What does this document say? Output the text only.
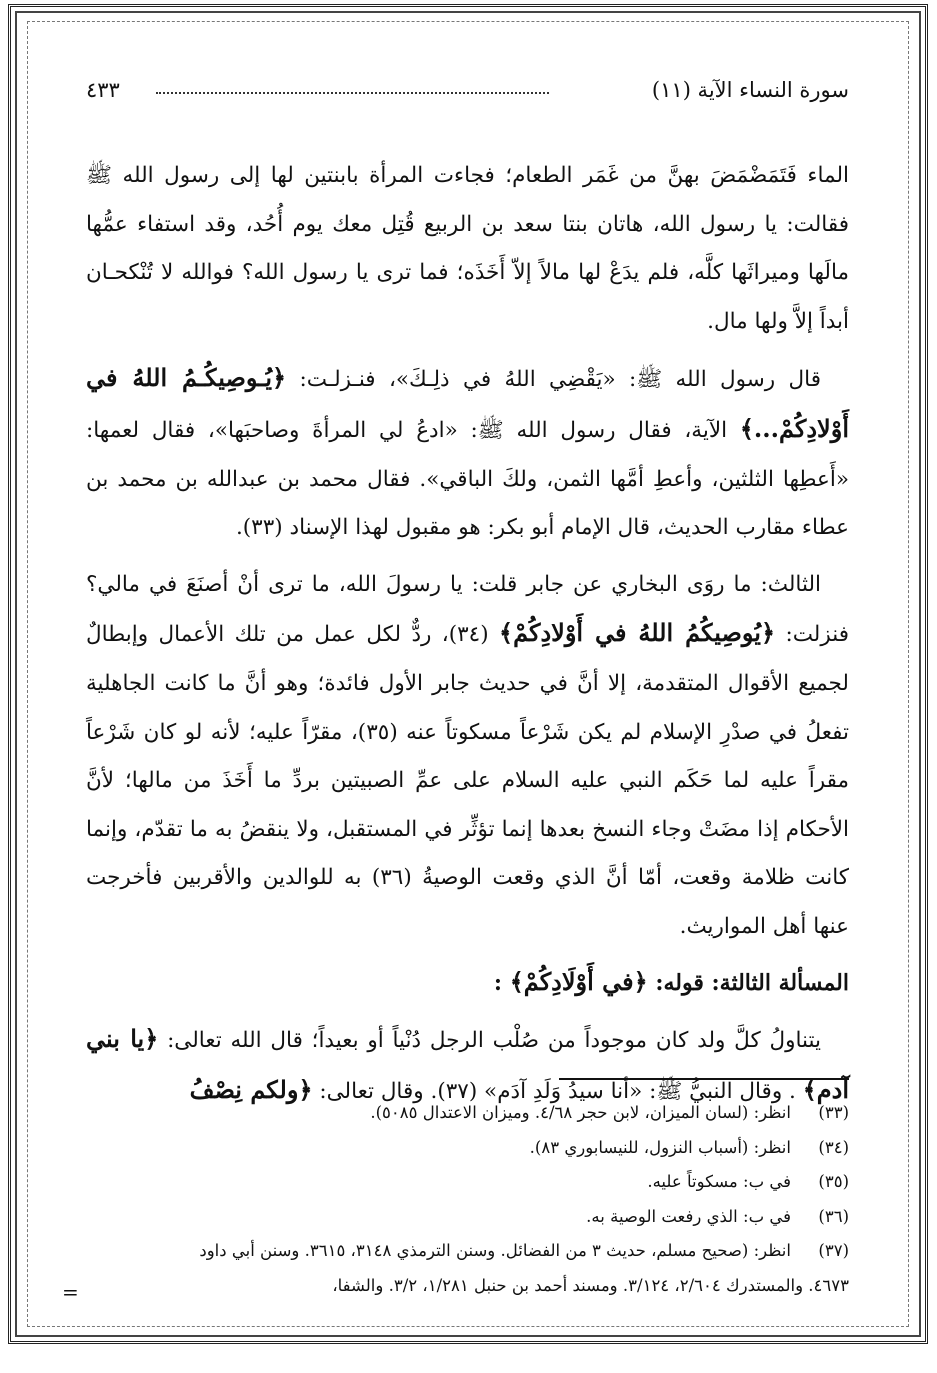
سورة النساء الآية (١١)
٤٣٣

الماء فَتَمَضْمَضَ بهنَّ من غَمَر الطعام؛ فجاءت المرأة بابنتين لها إلى رسول الله ﷺ فقالت: يا رسول الله، هاتان بنتا سعد بن الربيع قُتِل معك يوم أُحُد، وقد استفاء عمُّها مالَها وميراثَها كلَّه، فلم يدَعْ لها مالاً إلاّ أَخَذَه؛ فما ترى يا رسول الله؟ فوالله لا تُنْكحـان أبداً إلاَّ ولها مال.

قال رسول الله ﷺ: «يَقْضِي اللهُ في ذلِـكَ»، فنـزلـت: ﴿يُـوصِيكُـمُ اللهُ في أَوْلادِكُمْ...﴾ الآية، فقال رسول الله ﷺ: «ادعُ لي المرأةَ وصاحبَها»، فقال لعمها: «أَعطِها الثلثين، وأعطِ أمَّها الثمن، ولكَ الباقي». فقال محمد بن عبدالله بن محمد بن عطاء مقارب الحديث، قال الإمام أبو بكر: هو مقبول لهذا الإسناد (٣٣).

الثالث: ما روَى البخاري عن جابر قلت: يا رسولَ الله، ما ترى أنْ أصنَعَ في مالي؟ فنزلت: ﴿يُوصِيكُمُ اللهُ في أَوْلادِكُمْ﴾ (٣٤)، ردٌّ لكل عمل من تلك الأعمال وإبطالٌ لجميع الأقوال المتقدمة، إلا أنَّ في حديث جابر الأول فائدة؛ وهو أنَّ ما كانت الجاهلية تفعلُ في صدْرِ الإسلام لم يكن شَرْعاً مسكوتاً عنه (٣٥)، مقرّاً عليه؛ لأنه لو كان شَرْعاً مقراً عليه لما حَكَم النبي عليه السلام على عمِّ الصبيتين بردِّ ما أَخَذَ من مالها؛ لأنَّ الأحكام إذا مضَتْ وجاء النسخ بعدها إنما تؤثِّر في المستقبل، ولا ينقضُ به ما تقدّم، وإنما كانت ظلامة وقعت، أمّا أنَّ الذي وقعت الوصيةُ (٣٦) به للوالدين والأقربين فأخرجت عنها أهل المواريث.

المسألة الثالثة: قوله: ﴿في أَوْلَادِكُمْ﴾ :

يتناولُ كلَّ ولد كان موجوداً من صُلْب الرجل دُنْياً أو بعيداً؛ قال الله تعالى: ﴿يا بني آدم﴾ . وقال النبيُّ ﷺ: «أنا سيدُ وَلَدِ آدَم» (٣٧). وقال تعالى: ﴿ولكم نِصْفُ

(٣٣)
انظر: (لسان الميزان، لابن حجر ٤/٦٨. وميزان الاعتدال ٥٠٨٥).
(٣٤)
انظر: (أسباب النزول، للنيسابوري ٨٣).
(٣٥)
في ب: مسكوتاً عليه.
(٣٦)
في ب: الذي رفعت الوصية به.
(٣٧)
انظر: (صحيح مسلم، حديث ٣ من الفضائل. وسنن الترمذي ٣١٤٨، ٣٦١٥. وسنن أبي داود
٤٦٧٣. والمستدرك ٢/٦٠٤، ٣/١٢٤. ومسند أحمد بن حنبل ١/٢٨١، ٣/٢. والشفا،
=
